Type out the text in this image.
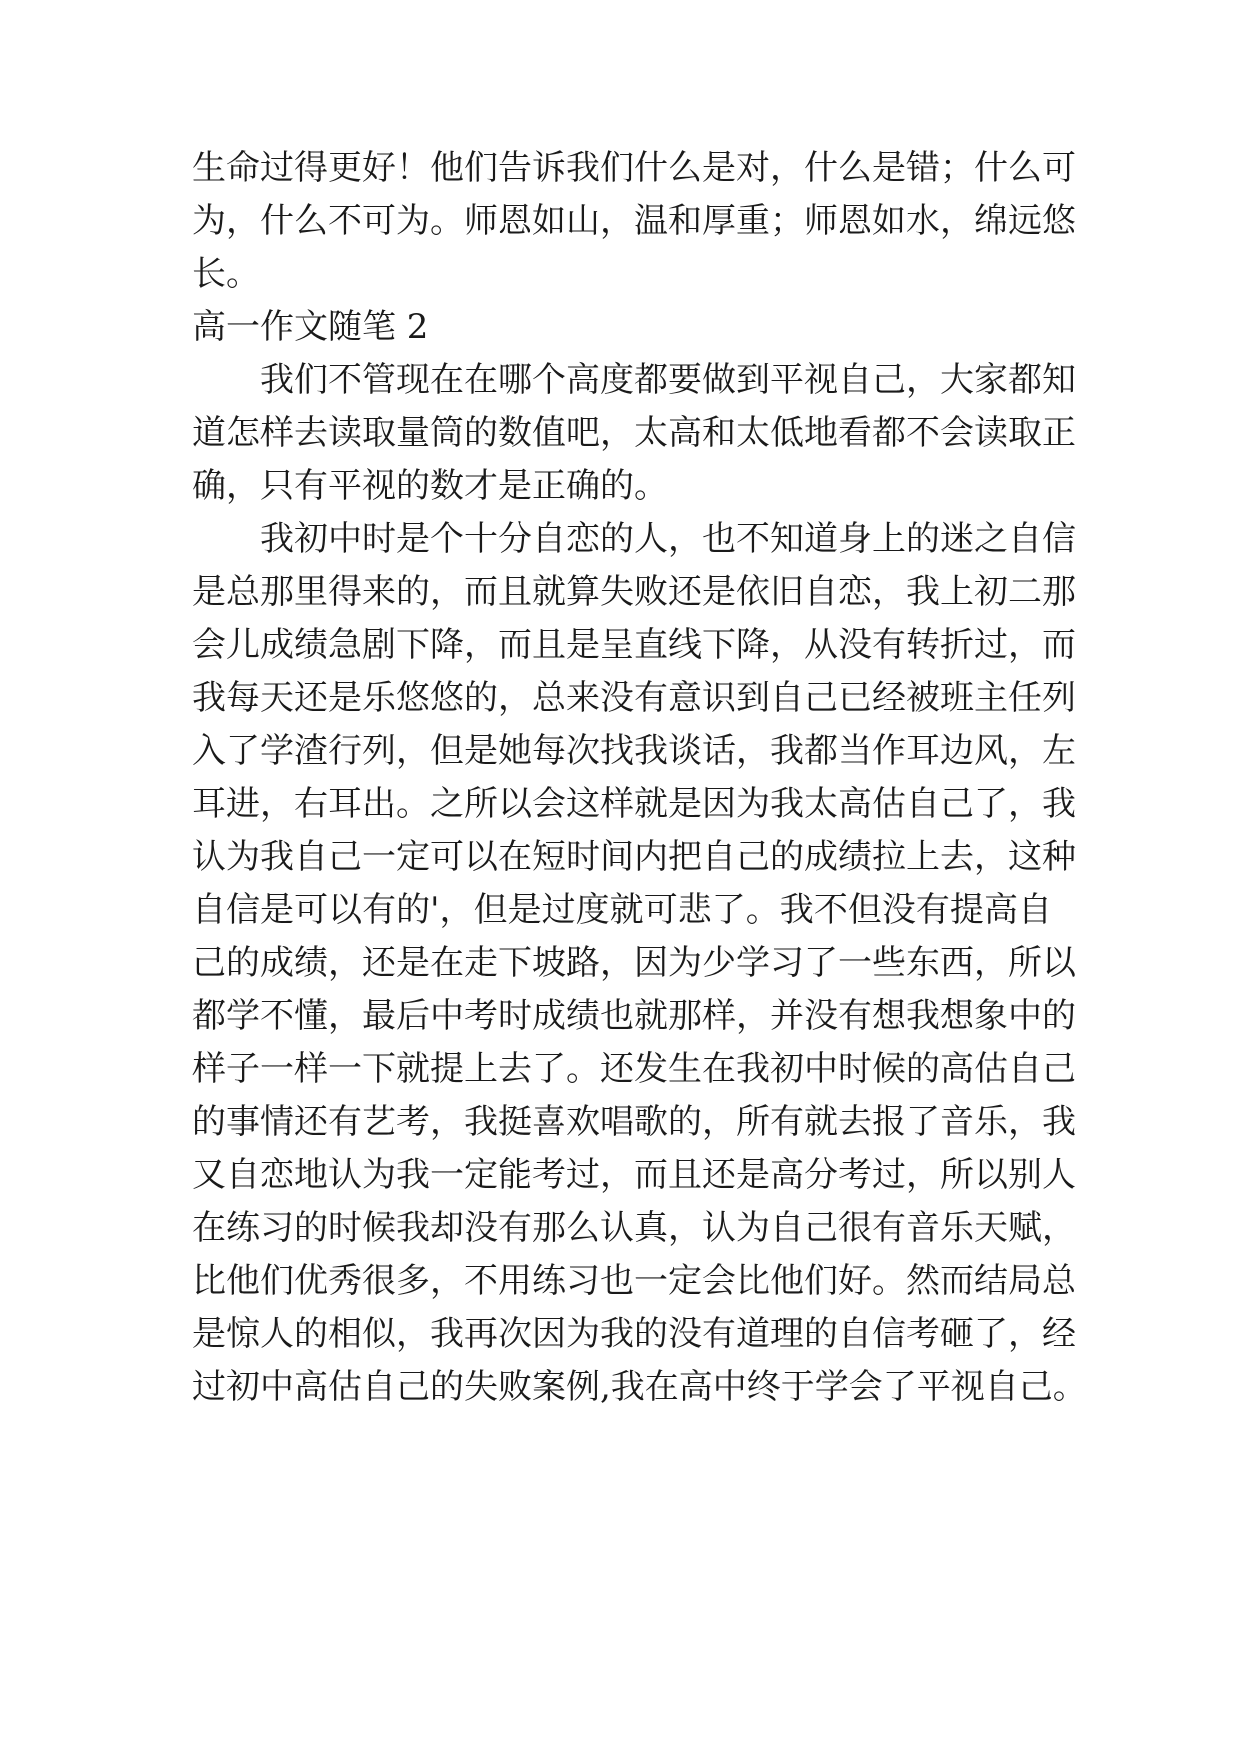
生命过得更好！他们告诉我们什么是对，什么是错；什么可
为，什么不可为。师恩如山，温和厚重；师恩如水，绵远悠
长。
高一作文随笔 2
我们不管现在在哪个高度都要做到平视自己，大家都知
道怎样去读取量筒的数值吧，太高和太低地看都不会读取正
确，只有平视的数才是正确的。
我初中时是个十分自恋的人，也不知道身上的迷之自信
是总那里得来的，而且就算失败还是依旧自恋，我上初二那
会儿成绩急剧下降，而且是呈直线下降，从没有转折过，而
我每天还是乐悠悠的，总来没有意识到自己已经被班主任列
入了学渣行列，但是她每次找我谈话，我都当作耳边风，左
耳进，右耳出。之所以会这样就是因为我太高估自己了，我
认为我自己一定可以在短时间内把自己的成绩拉上去，这种
自信是可以有的'，但是过度就可悲了。我不但没有提高自
己的成绩，还是在走下坡路，因为少学习了一些东西，所以
都学不懂，最后中考时成绩也就那样，并没有想我想象中的
样子一样一下就提上去了。还发生在我初中时候的高估自己
的事情还有艺考，我挺喜欢唱歌的，所有就去报了音乐，我
又自恋地认为我一定能考过，而且还是高分考过，所以别人
在练习的时候我却没有那么认真，认为自己很有音乐天赋，
比他们优秀很多，不用练习也一定会比他们好。然而结局总
是惊人的相似，我再次因为我的没有道理的自信考砸了，经
过初中高估自己的失败案例,我在高中终于学会了平视自己。
